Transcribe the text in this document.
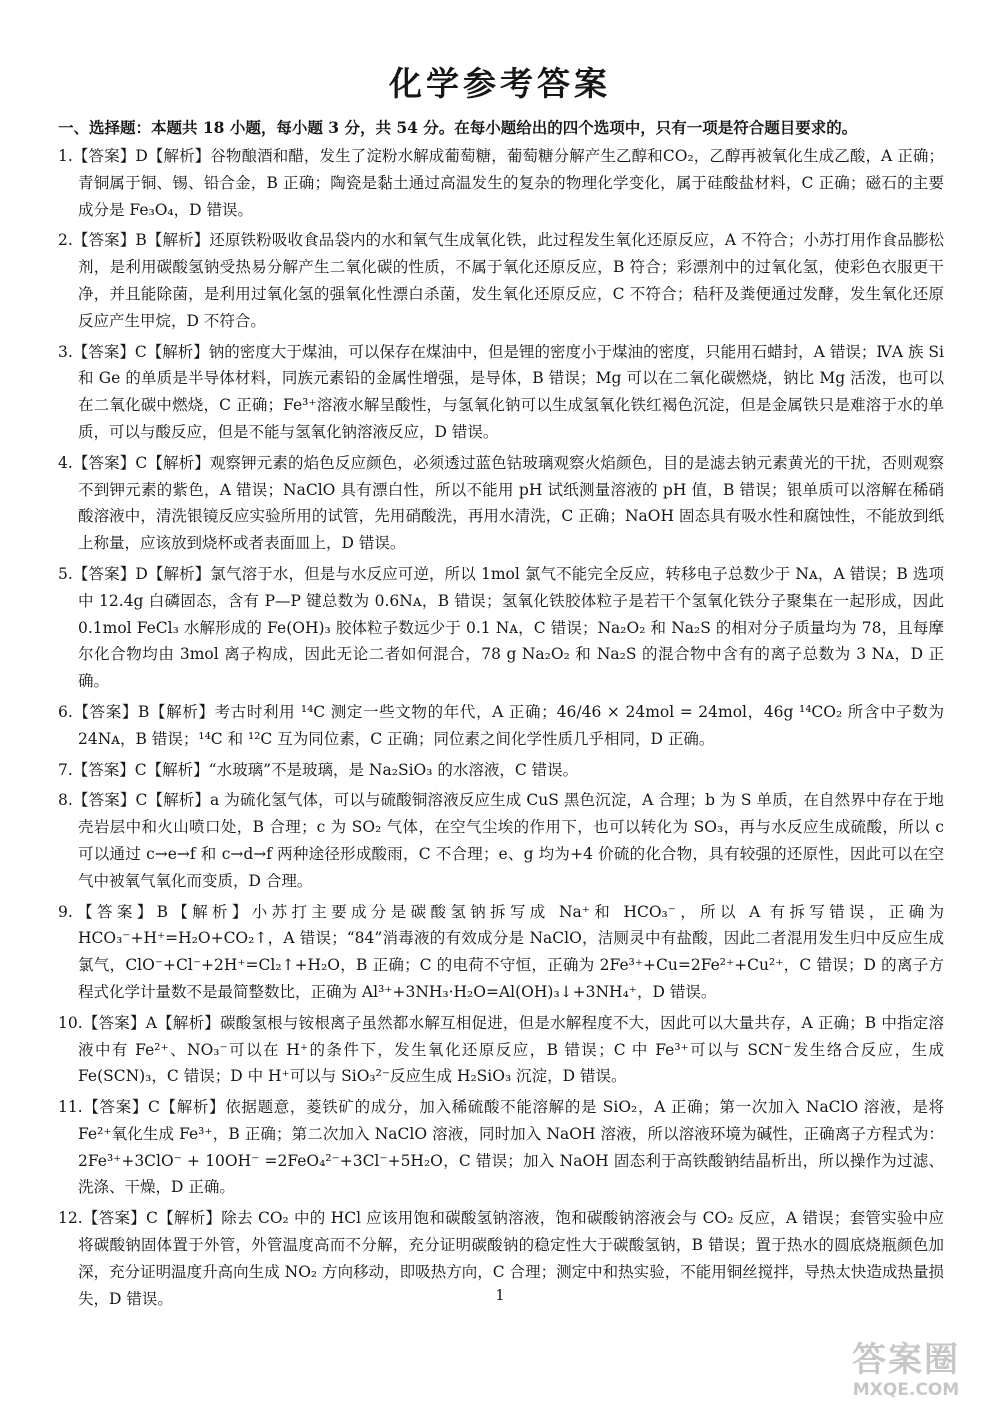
化学参考答案
一、选择题：本题共 18 小题，每小题 3 分，共 54 分。在每小题给出的四个选项中，只有一项是符合题目要求的。

1.【答案】D【解析】谷物酿酒和醋，发生了淀粉水解成葡萄糖，葡萄糖分解产生乙醇和CO₂，乙醇再被氧化生成乙酸，A 正确；青铜属于铜、锡、铅合金，B 正确；陶瓷是黏土通过高温发生的复杂的物理化学变化，属于硅酸盐材料，C 正确；磁石的主要成分是 Fe₃O₄，D 错误。

2.【答案】B【解析】还原铁粉吸收食品袋内的水和氧气生成氧化铁，此过程发生氧化还原反应，A 不符合；小苏打用作食品膨松剂，是利用碳酸氢钠受热易分解产生二氧化碳的性质，不属于氧化还原反应，B 符合；彩漂剂中的过氧化氢，使彩色衣服更干净，并且能除菌，是利用过氧化氢的强氧化性漂白杀菌，发生氧化还原反应，C 不符合；秸秆及粪便通过发酵，发生氧化还原反应产生甲烷，D 不符合。

3.【答案】C【解析】钠的密度大于煤油，可以保存在煤油中，但是锂的密度小于煤油的密度，只能用石蜡封，A 错误；ⅣA 族 Si 和 Ge 的单质是半导体材料，同族元素铅的金属性增强，是导体，B 错误；Mg 可以在二氧化碳燃烧，钠比 Mg 活泼，也可以在二氧化碳中燃烧，C 正确；Fe³⁺溶液水解呈酸性，与氢氧化钠可以生成氢氧化铁红褐色沉淀，但是金属铁只是难溶于水的单质，可以与酸反应，但是不能与氢氧化钠溶液反应，D 错误。

4.【答案】C【解析】观察钾元素的焰色反应颜色，必须透过蓝色钴玻璃观察火焰颜色，目的是滤去钠元素黄光的干扰，否则观察不到钾元素的紫色，A 错误；NaClO 具有漂白性，所以不能用 pH 试纸测量溶液的 pH 值，B 错误；银单质可以溶解在稀硝酸溶液中，清洗银镜反应实验所用的试管，先用硝酸洗，再用水清洗，C 正确；NaOH 固态具有吸水性和腐蚀性，不能放到纸上称量，应该放到烧杯或者表面皿上，D 错误。

5.【答案】D【解析】氯气溶于水，但是与水反应可逆，所以 1mol 氯气不能完全反应，转移电子总数少于 Nᴀ，A 错误；B 选项中 12.4g 白磷固态，含有 P—P 键总数为 0.6Nᴀ，B 错误；氢氧化铁胶体粒子是若干个氢氧化铁分子聚集在一起形成，因此 0.1mol FeCl₃ 水解形成的 Fe(OH)₃ 胶体粒子数远少于 0.1 Nᴀ，C 错误；Na₂O₂ 和 Na₂S 的相对分子质量均为 78，且每摩尔化合物均由 3mol 离子构成，因此无论二者如何混合，78 g Na₂O₂ 和 Na₂S 的混合物中含有的离子总数为 3 Nᴀ，D 正确。

6.【答案】B【解析】考古时利用 ¹⁴C 测定一些文物的年代，A 正确；46/46 × 24mol = 24mol，46g ¹⁴CO₂ 所含中子数为 24Nᴀ，B 错误；¹⁴C 和 ¹²C 互为同位素，C 正确；同位素之间化学性质几乎相同，D 正确。

7.【答案】C【解析】“水玻璃”不是玻璃，是 Na₂SiO₃ 的水溶液，C 错误。

8.【答案】C【解析】a 为硫化氢气体，可以与硫酸铜溶液反应生成 CuS 黑色沉淀，A 合理；b 为 S 单质，在自然界中存在于地壳岩层中和火山喷口处，B 合理；c 为 SO₂ 气体，在空气尘埃的作用下，也可以转化为 SO₃，再与水反应生成硫酸，所以 c 可以通过 c→e→f 和 c→d→f 两种途径形成酸雨，C 不合理；e、g 均为+4 价硫的化合物，具有较强的还原性，因此可以在空气中被氧气氧化而变质，D 合理。

9.【答案】B【解析】小苏打主要成分是碳酸氢钠拆写成 Na⁺和 HCO₃⁻，所以 A 有拆写错误，正确为 HCO₃⁻+H⁺=H₂O+CO₂↑，A 错误；“84”消毒液的有效成分是 NaClO，洁厕灵中有盐酸，因此二者混用发生归中反应生成氯气，ClO⁻+Cl⁻+2H⁺=Cl₂↑+H₂O，B 正确；C 的电荷不守恒，正确为 2Fe³⁺+Cu=2Fe²⁺+Cu²⁺，C 错误；D 的离子方程式化学计量数不是最简整数比，正确为 Al³⁺+3NH₃·H₂O=Al(OH)₃↓+3NH₄⁺，D 错误。

10.【答案】A【解析】碳酸氢根与铵根离子虽然都水解互相促进，但是水解程度不大，因此可以大量共存，A 正确；B 中指定溶液中有 Fe²⁺、NO₃⁻可以在 H⁺的条件下，发生氧化还原反应，B 错误；C 中 Fe³⁺可以与 SCN⁻发生络合反应，生成 Fe(SCN)₃，C 错误；D 中 H⁺可以与 SiO₃²⁻反应生成 H₂SiO₃ 沉淀，D 错误。

11.【答案】C【解析】依据题意，菱铁矿的成分，加入稀硫酸不能溶解的是 SiO₂，A 正确；第一次加入 NaClO 溶液，是将 Fe²⁺氧化生成 Fe³⁺，B 正确；第二次加入 NaClO 溶液，同时加入 NaOH 溶液，所以溶液环境为碱性，正确离子方程式为：2Fe³⁺+3ClO⁻ + 10OH⁻ =2FeO₄²⁻+3Cl⁻+5H₂O，C 错误；加入 NaOH 固态利于高铁酸钠结晶析出，所以操作为过滤、洗涤、干燥，D 正确。

12.【答案】C【解析】除去 CO₂ 中的 HCl 应该用饱和碳酸氢钠溶液，饱和碳酸钠溶液会与 CO₂ 反应，A 错误；套管实验中应将碳酸钠固体置于外管，外管温度高而不分解，充分证明碳酸钠的稳定性大于碳酸氢钠，B 错误；置于热水的圆底烧瓶颜色加深，充分证明温度升高向生成 NO₂ 方向移动，即吸热方向，C 合理；测定中和热实验，不能用铜丝搅拌，导热太快造成热量损失，D 错误。	1
答案圈
MXQE.COM
